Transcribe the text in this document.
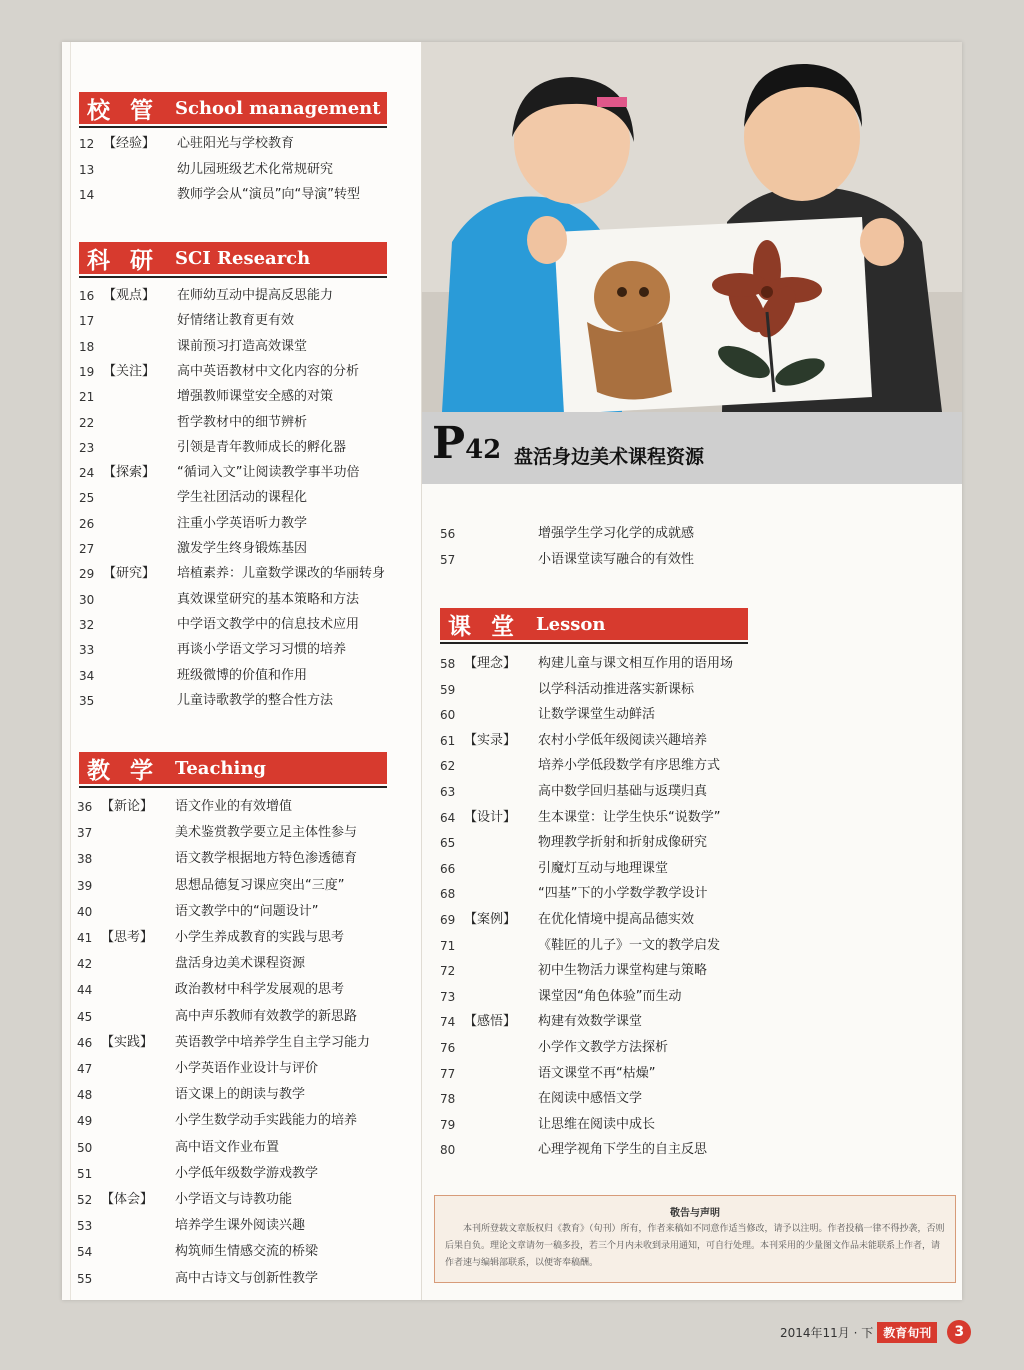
校 管 School management
12 【经验】 心驻阳光与学校教育
13	幼儿园班级艺术化常规研究
14	教师学会从“演员”向“导演”转型
科 研 SCI Research
16 【观点】 在师幼互动中提高反思能力
17	好情绪让教育更有效
18	课前预习打造高效课堂
19 【关注】 高中英语教材中文化内容的分析
21	增强教师课堂安全感的对策
22	哲学教材中的细节辨析
23	引领是青年教师成长的孵化器
24 【探索】 “循词入文”让阅读教学事半功倍
25	学生社团活动的课程化
26	注重小学英语听力教学
27	激发学生终身锻炼基因
29 【研究】 培植素养：儿童数学课改的华丽转身
30	真效课堂研究的基本策略和方法
32	中学语文教学中的信息技术应用
33	再谈小学语文学习习惯的培养
34	班级微博的价值和作用
35	儿童诗歌教学的整合性方法
教 学 Teaching
36 【新论】 语文作业的有效增值
37	美术鉴赏教学要立足主体性参与
38	语文教学根据地方特色渗透德育
39	思想品德复习课应突出“三度”
40	语文教学中的“问题设计”
41 【思考】 小学生养成教育的实践与思考
42	盘活身边美术课程资源
44	政治教材中科学发展观的思考
45	高中声乐教师有效教学的新思路
46 【实践】 英语教学中培养学生自主学习能力
47	小学英语作业设计与评价
48	语文课上的朗读与教学
49	小学生数学动手实践能力的培养
50	高中语文作业布置
51	小学低年级数学游戏教学
52 【体会】 小学语文与诗教功能
53	培养学生课外阅读兴趣
54	构筑师生情感交流的桥梁
55	高中古诗文与创新性教学
P42 盘活身边美术课程资源
56	增强学生学习化学的成就感
57	小语课堂读写融合的有效性
课 堂 Lesson
58 【理念】 构建儿童与课文相互作用的语用场
59	以学科活动推进落实新课标
60	让数学课堂生动鲜活
61 【实录】 农村小学低年级阅读兴趣培养
62	培养小学低段数学有序思维方式
63	高中数学回归基础与返璞归真
64 【设计】 生本课堂：让学生快乐“说数学”
65	物理教学折射和折射成像研究
66	引魔灯互动与地理课堂
68	“四基”下的小学数学教学设计
69 【案例】 在优化情境中提高品德实效
71	《鞋匠的儿子》一文的教学启发
72	初中生物活力课堂构建与策略
73	课堂因“角色体验”而生动
74 【感悟】 构建有效数学课堂
76	小学作文教学方法探析
77	语文课堂不再“枯燥”
78	在阅读中感悟文学
79	让思维在阅读中成长
80	心理学视角下学生的自主反思
敬告与声明
本刊所登载文章版权归《教育》（旬刊）所有，作者来稿如不同意作适当修改，请予以注明。作者投稿一律不得抄袭，否则后果自负。理论文章请勿一稿多投，若三个月内未收到录用通知，可自行处理。本刊采用的少量图文作品未能联系上作者，请作者速与编辑部联系，以便寄奉稿酬。
2014年11月 · 下 教育旬刊	3
